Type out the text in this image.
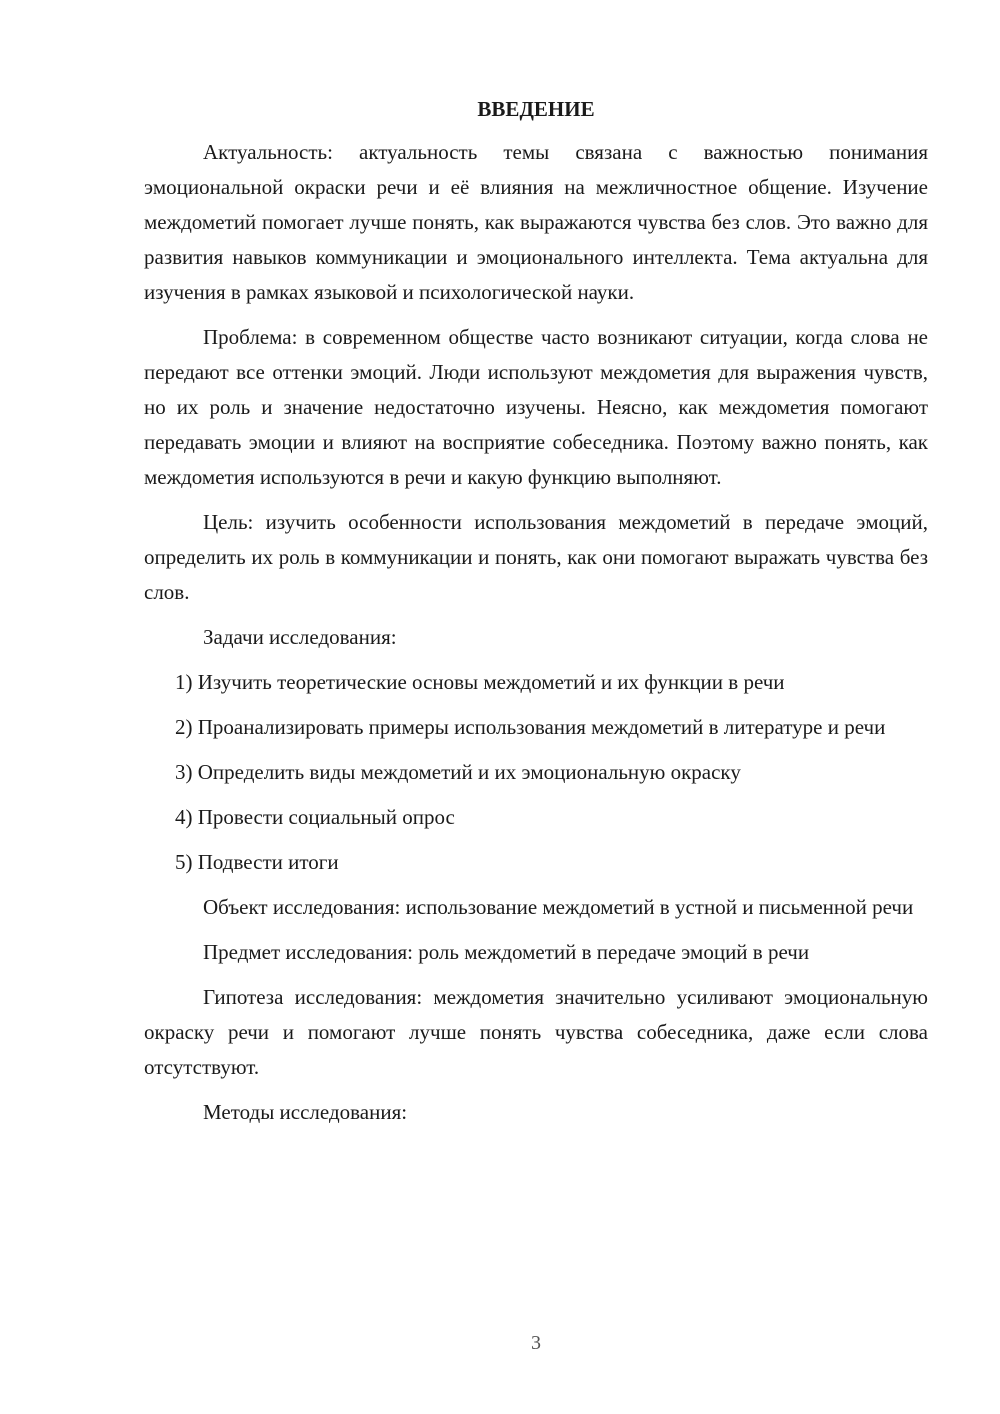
ВВЕДЕНИЕ

Актуальность: актуальность темы связана с важностью понимания эмоциональной окраски речи и её влияния на межличностное общение. Изучение междометий помогает лучше понять, как выражаются чувства без слов. Это важно для развития навыков коммуникации и эмоционального интеллекта. Тема актуальна для изучения в рамках языковой и психологической науки.

Проблема: в современном обществе часто возникают ситуации, когда слова не передают все оттенки эмоций. Люди используют междометия для выражения чувств, но их роль и значение недостаточно изучены. Неясно, как междометия помогают передавать эмоции и влияют на восприятие собеседника. Поэтому важно понять, как междометия используются в речи и какую функцию выполняют.

Цель: изучить особенности использования междометий в передаче эмоций, определить их роль в коммуникации и понять, как они помогают выражать чувства без слов.

Задачи исследования:

1) Изучить теоретические основы междометий и их функции в речи

2) Проанализировать примеры использования междометий в литературе и речи

3) Определить виды междометий и их эмоциональную окраску

4) Провести социальный опрос

5) Подвести итоги

Объект исследования: использование междометий в устной и письменной речи

Предмет исследования: роль междометий в передаче эмоций в речи

Гипотеза исследования: междометия значительно усиливают эмоциональную окраску речи и помогают лучше понять чувства собеседника, даже если слова отсутствуют.

Методы исследования:

3
